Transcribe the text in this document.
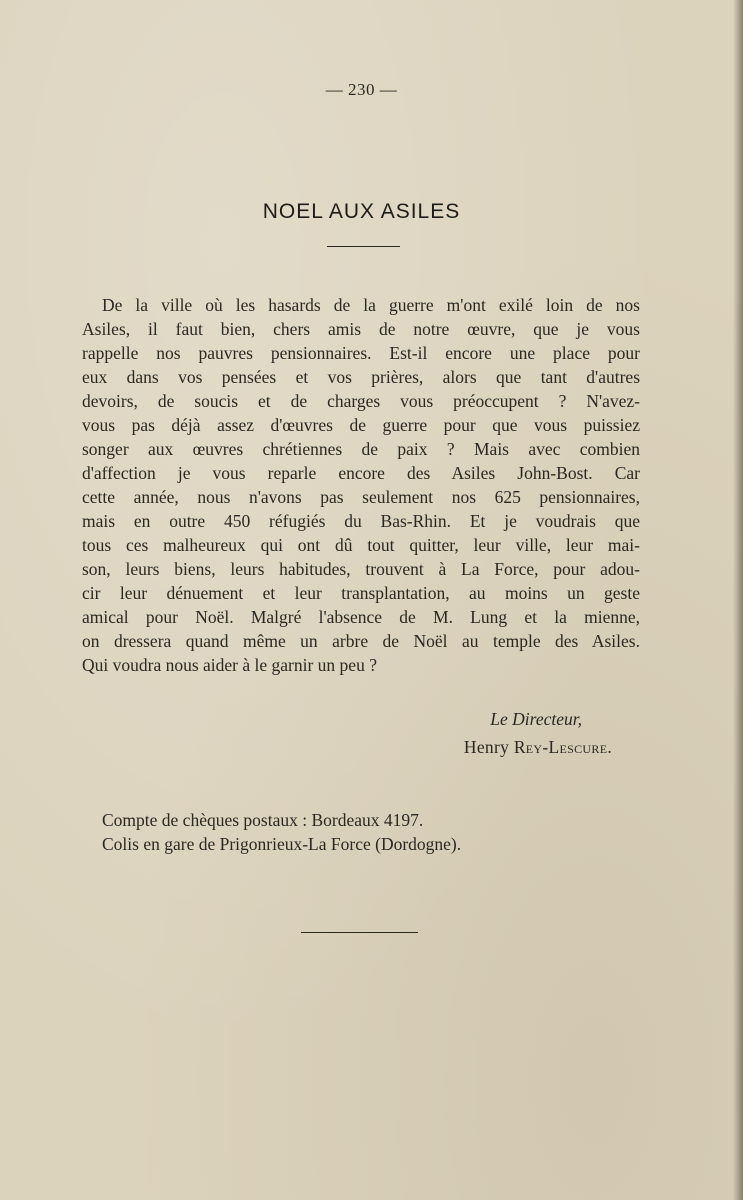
— 230 —
NOEL AUX ASILES
De la ville où les hasards de la guerre m'ont exilé loin de nos
Asiles, il faut bien, chers amis de notre œuvre, que je vous
rappelle nos pauvres pensionnaires. Est-il encore une place pour
eux dans vos pensées et vos prières, alors que tant d'autres
devoirs, de soucis et de charges vous préoccupent ? N'avez-
vous pas déjà assez d'œuvres de guerre pour que vous puissiez
songer aux œuvres chrétiennes de paix ? Mais avec combien
d'affection je vous reparle encore des Asiles John-Bost. Car
cette année, nous n'avons pas seulement nos 625 pensionnaires,
mais en outre 450 réfugiés du Bas-Rhin. Et je voudrais que
tous ces malheureux qui ont dû tout quitter, leur ville, leur mai-
son, leurs biens, leurs habitudes, trouvent à La Force, pour adou-
cir leur dénuement et leur transplantation, au moins un geste
amical pour Noël. Malgré l'absence de M. Lung et la mienne,
on dressera quand même un arbre de Noël au temple des Asiles.
Qui voudra nous aider à le garnir un peu ?
Le Directeur,
Henry Rey-Lescure.
Compte de chèques postaux : Bordeaux 4197.
Colis en gare de Prigonrieux-La Force (Dordogne).
